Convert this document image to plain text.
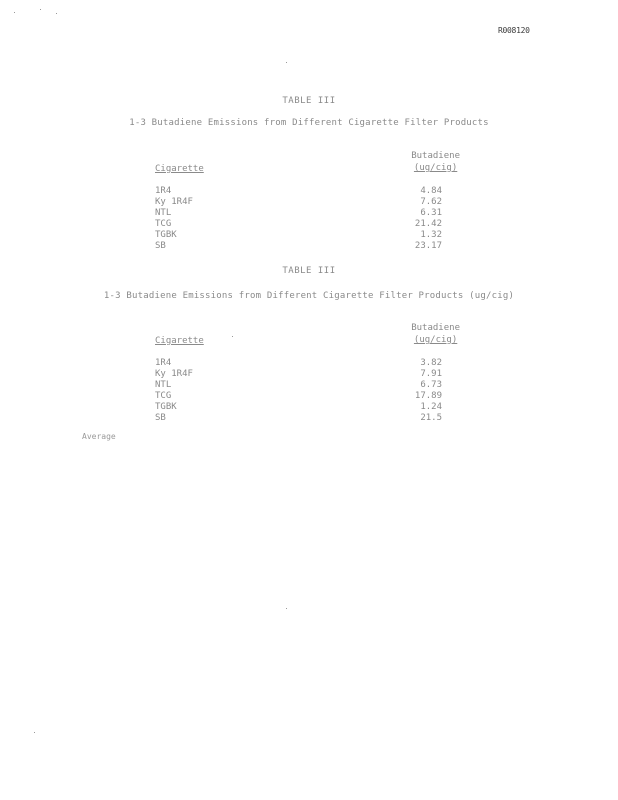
R008120
TABLE III
1-3 Butadiene Emissions from Different Cigarette Filter Products
Cigarette
Butadiene
(ug/cig)
1R4	4.84
Ky 1R4F	7.62
NTL	6.31
TCG	21.42
TGBK	1.32
SB	23.17
TABLE III
1-3 Butadiene Emissions from Different Cigarette Filter Products (ug/cig)
Cigarette
Butadiene
(ug/cig)
1R4	3.82
Ky 1R4F	7.91
NTL	6.73
TCG	17.89
TGBK	1.24
SB	21.5
Average
